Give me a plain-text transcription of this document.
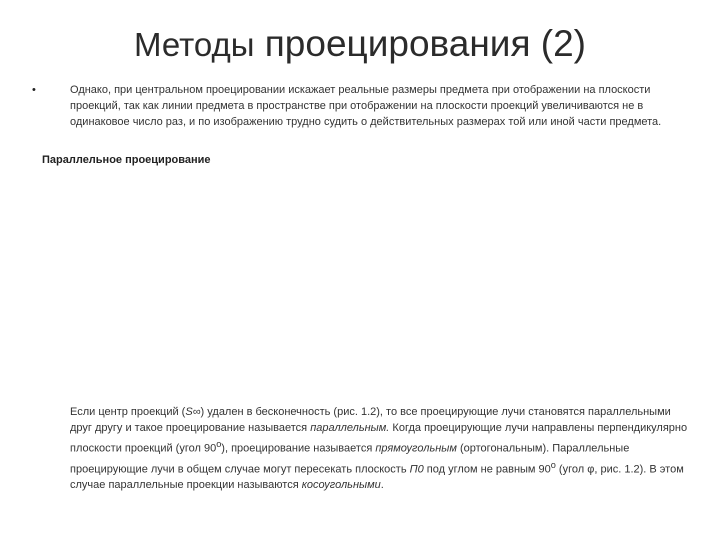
Методы проецирования (2)
•	Однако, при центральном проецировании искажает реальные размеры предмета при отображении на плоскости проекций, так как линии предмета в пространстве при отображении на плоскости проекций увеличиваются не в одинаковое число раз, и по изображению трудно судить о действительных размерах той или иной части предмета.
Параллельное проецирование
Если центр проекций (S∞) удален в бесконечность (рис. 1.2), то все проецирующие лучи становятся параллельными друг другу и такое проецирование называется параллельным. Когда проецирующие лучи направлены перпендикулярно плоскости проекций (угол $90^о$), проецирование называется прямоугольным (ортогональным). Параллельные проецирующие лучи в общем случае могут пересекать плоскость П0 под углом не равным $90^о$ (угол φ, рис. 1.2). В этом случае параллельные проекции называются косоугольными.
